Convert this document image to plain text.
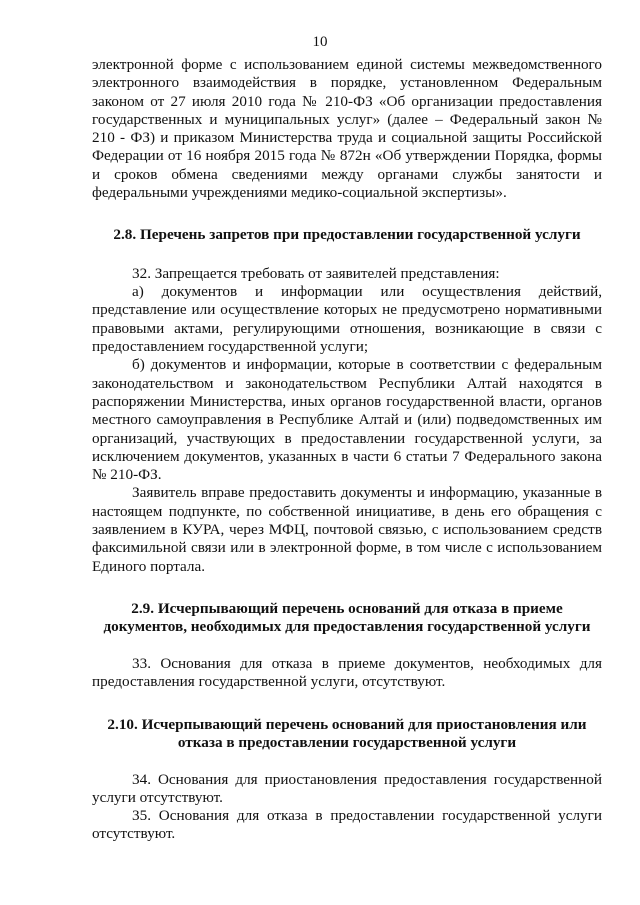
10

электронной форме с использованием единой системы межведомственного электронного взаимодействия в порядке, установленном Федеральным законом от 27 июля 2010 года № 210-ФЗ «Об организации предоставления государственных и муниципальных услуг» (далее – Федеральный закон № 210 - ФЗ) и приказом Министерства труда и социальной защиты Российской Федерации от 16 ноября 2015 года № 872н «Об утверждении Порядка, формы и сроков обмена сведениями между органами службы занятости и федеральными учреждениями медико-социальной экспертизы».

2.8. Перечень запретов при предоставлении государственной услуги

32. Запрещается требовать от заявителей представления:

а) документов и информации или осуществления действий, представление или осуществление которых не предусмотрено нормативными правовыми актами, регулирующими отношения, возникающие в связи с предоставлением государственной услуги;

б) документов и информации, которые в соответствии с федеральным законодательством и законодательством Республики Алтай находятся в распоряжении Министерства, иных органов государственной власти, органов местного самоуправления в Республике Алтай и (или) подведомственных им организаций, участвующих в предоставлении государственной услуги, за исключением документов, указанных в части 6 статьи 7 Федерального закона № 210-ФЗ.

Заявитель вправе предоставить документы и информацию, указанные в настоящем подпункте, по собственной инициативе, в день его обращения с заявлением в КУРА, через МФЦ, почтовой связью, с использованием средств факсимильной связи или в электронной форме, в том числе с использованием Единого портала.

2.9. Исчерпывающий перечень оснований для отказа в приеме документов, необходимых для предоставления государственной услуги

33. Основания для отказа в приеме документов, необходимых для предоставления государственной услуги, отсутствуют.

2.10. Исчерпывающий перечень оснований для приостановления или отказа в предоставлении государственной услуги

34. Основания для приостановления предоставления государственной услуги отсутствуют.

35. Основания для отказа в предоставлении государственной услуги отсутствуют.
